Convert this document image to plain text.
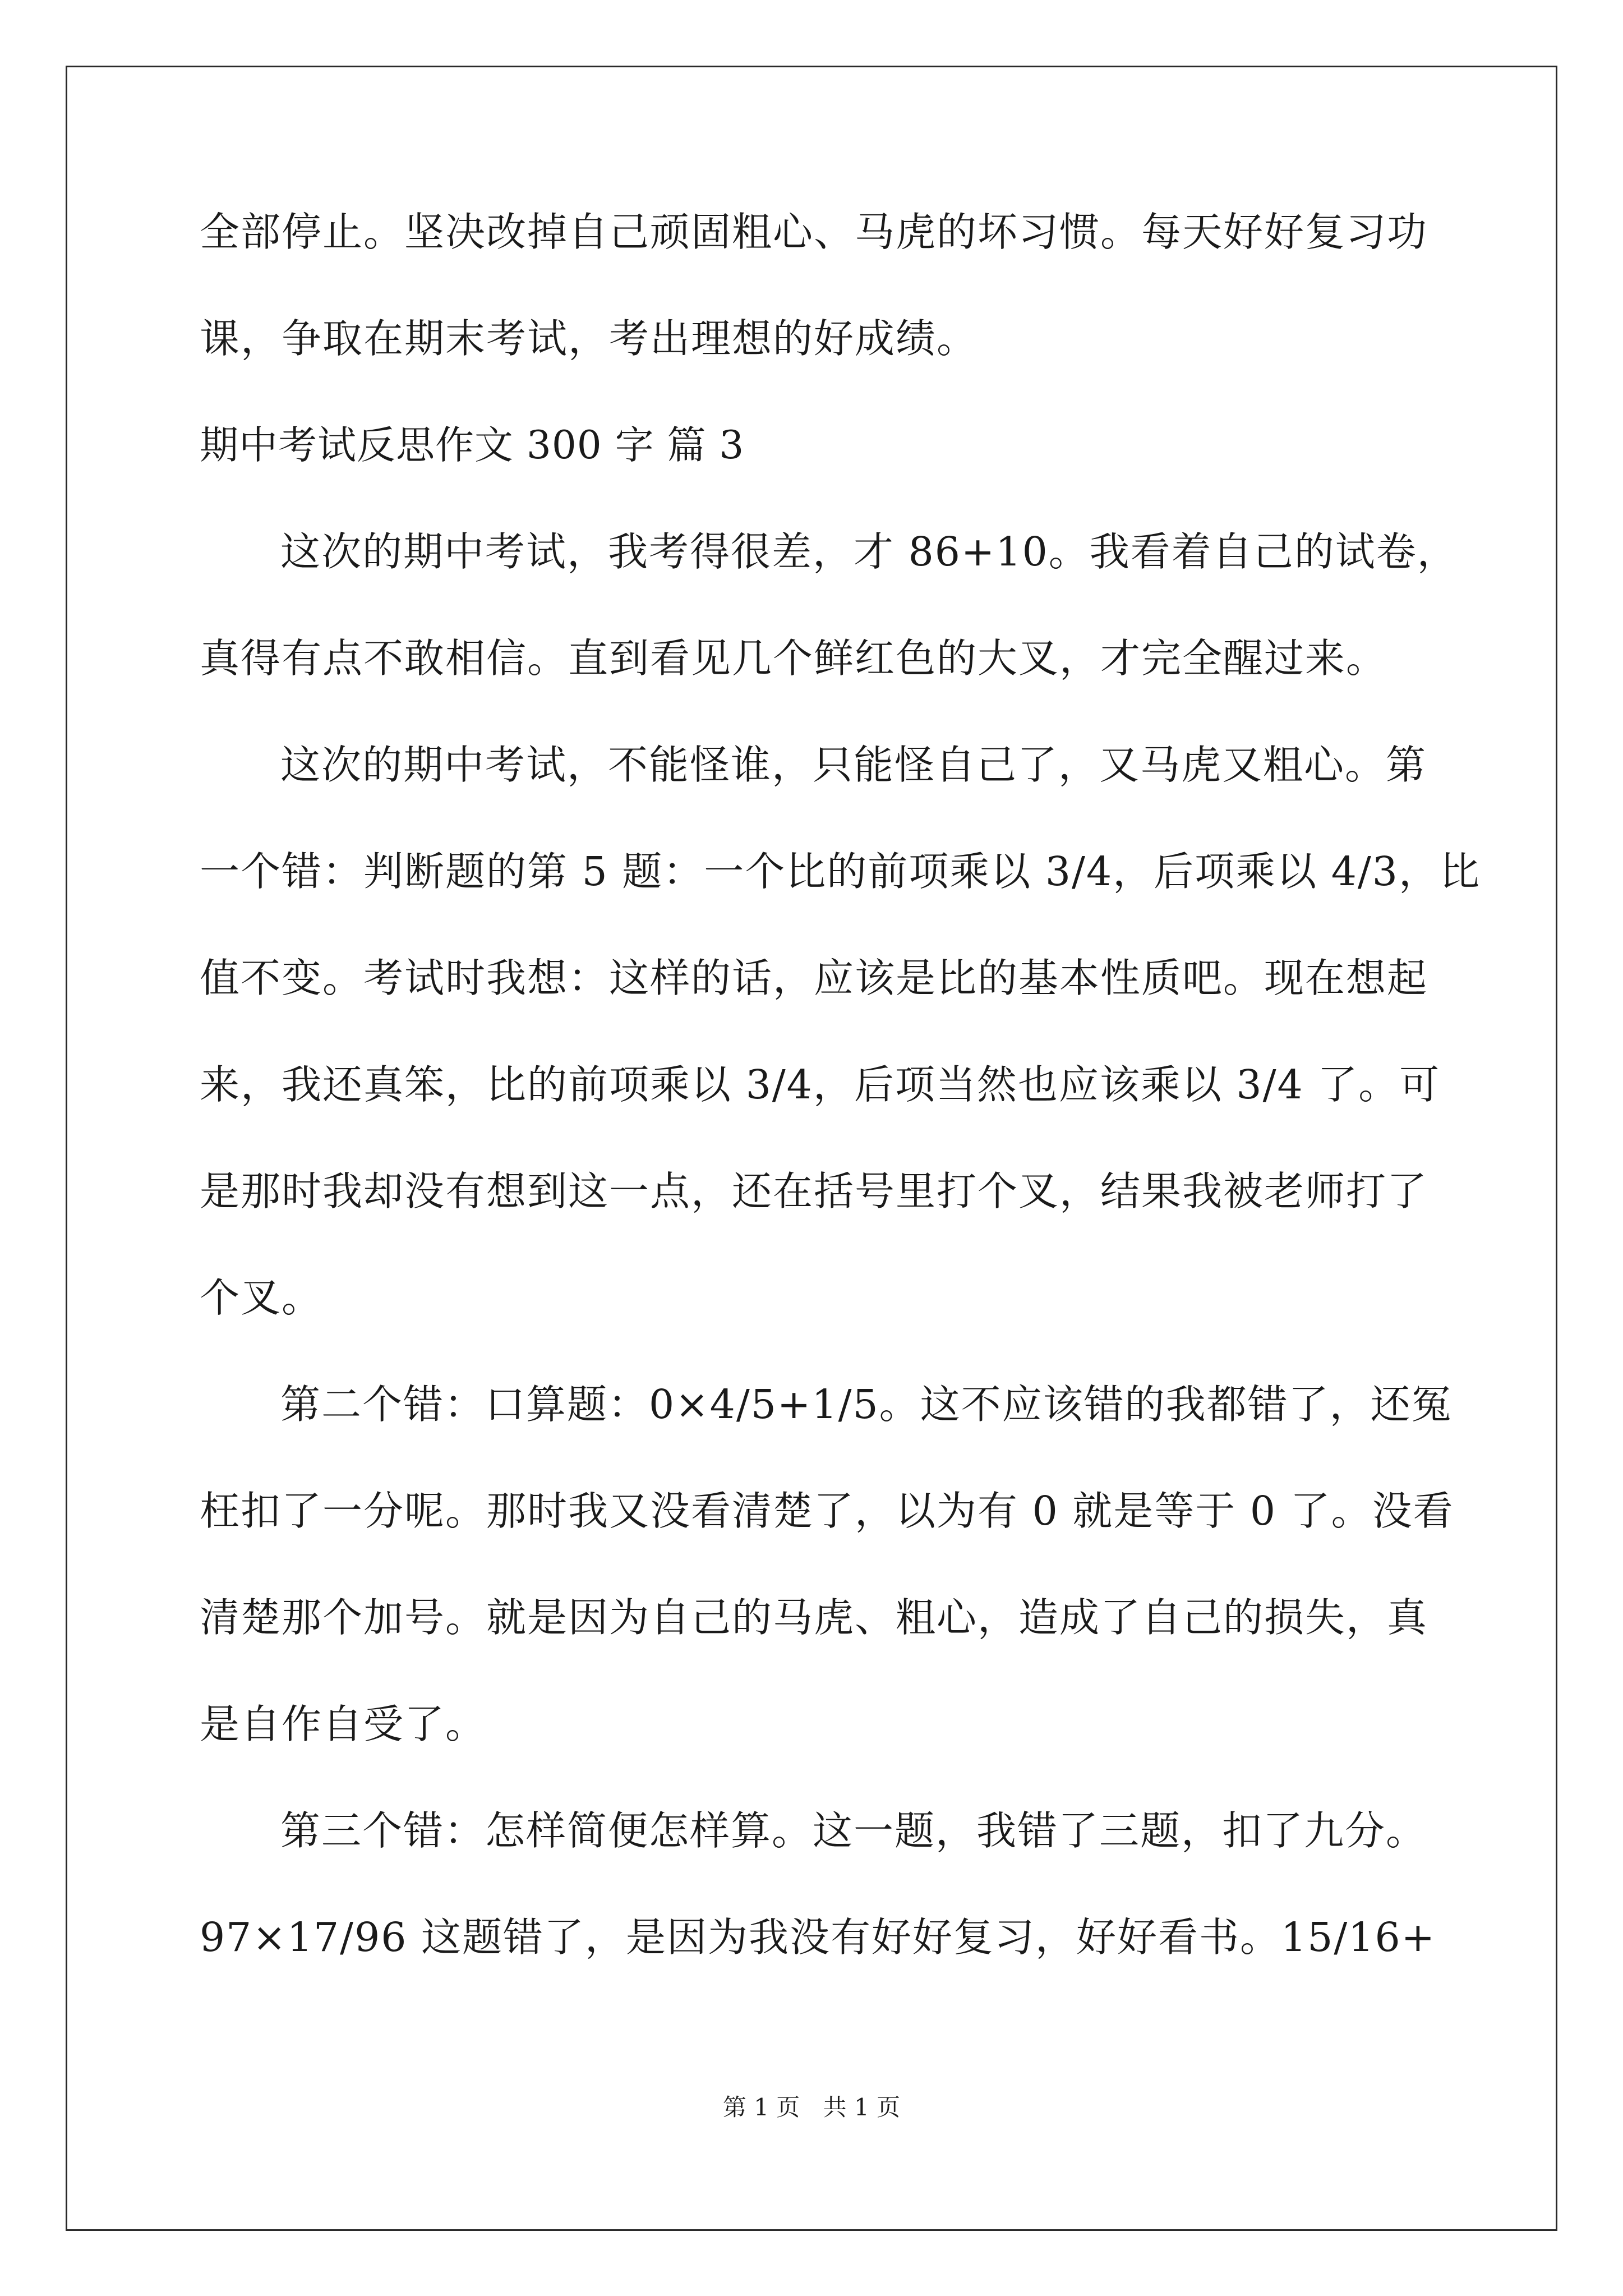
全部停止。坚决改掉自己顽固粗心、马虎的坏习惯。每天好好复习功
课，争取在期末考试，考出理想的好成绩。
期中考试反思作文 300 字 篇 3
这次的期中考试，我考得很差，才 86+10。我看着自己的试卷，
真得有点不敢相信。直到看见几个鲜红色的大叉，才完全醒过来。
这次的期中考试，不能怪谁，只能怪自己了，又马虎又粗心。第
一个错：判断题的第 5 题：一个比的前项乘以 3/4，后项乘以 4/3，比
值不变。考试时我想：这样的话，应该是比的基本性质吧。现在想起
来，我还真笨，比的前项乘以 3/4，后项当然也应该乘以 3/4 了。可
是那时我却没有想到这一点，还在括号里打个叉，结果我被老师打了
个叉。
第二个错：口算题：0×4/5+1/5。这不应该错的我都错了，还冤
枉扣了一分呢。那时我又没看清楚了，以为有 0 就是等于 0 了。没看
清楚那个加号。就是因为自己的马虎、粗心，造成了自己的损失，真
是自作自受了。
第三个错：怎样简便怎样算。这一题，我错了三题，扣了九分。
97×17/96 这题错了，是因为我没有好好复习，好好看书。15/16+
第 1 页 共 1 页
